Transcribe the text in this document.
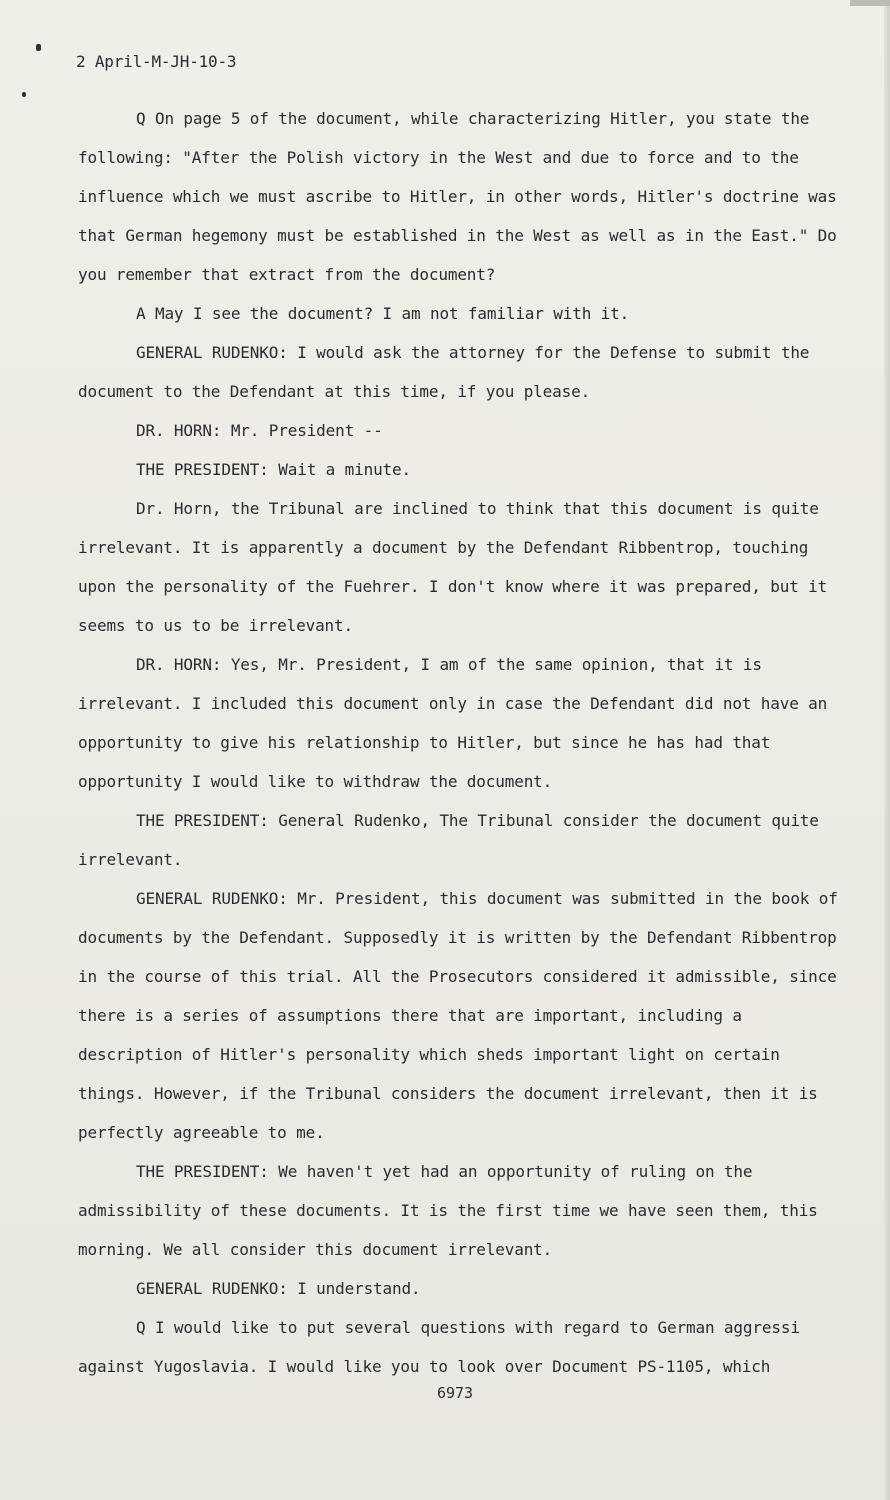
2 April-M-JH-10-3

Q On page 5 of the document, while characterizing Hitler, you state the following: "After the Polish victory in the West and due to force and to the influence which we must ascribe to Hitler, in other words, Hitler's doctrine was that German hegemony must be established in the West as well as in the East." Do you remember that extract from the document?

A May I see the document? I am not familiar with it.

GENERAL RUDENKO: I would ask the attorney for the Defense to submit the document to the Defendant at this time, if you please.

DR. HORN: Mr. President --

THE PRESIDENT: Wait a minute.

Dr. Horn, the Tribunal are inclined to think that this document is quite irrelevant. It is apparently a document by the Defendant Ribbentrop, touching upon the personality of the Fuehrer. I don't know where it was prepared, but it seems to us to be irrelevant.

DR. HORN: Yes, Mr. President, I am of the same opinion, that it is irrelevant. I included this document only in case the Defendant did not have an opportunity to give his relationship to Hitler, but since he has had that opportunity I would like to withdraw the document.

THE PRESIDENT: General Rudenko, The Tribunal consider the document quite irrelevant.

GENERAL RUDENKO: Mr. President, this document was submitted in the book of documents by the Defendant. Supposedly it is written by the Defendant Ribbentrop in the course of this trial. All the Prosecutors considered it admissible, since there is a series of assumptions there that are important, including a description of Hitler's personality which sheds important light on certain things. However, if the Tribunal considers the document irrelevant, then it is perfectly agreeable to me.

THE PRESIDENT: We haven't yet had an opportunity of ruling on the admissibility of these documents. It is the first time we have seen them, this morning. We all consider this document irrelevant.

GENERAL RUDENKO: I understand.

Q I would like to put several questions with regard to German aggressi against Yugoslavia. I would like you to look over Document PS-1105, which

6973
